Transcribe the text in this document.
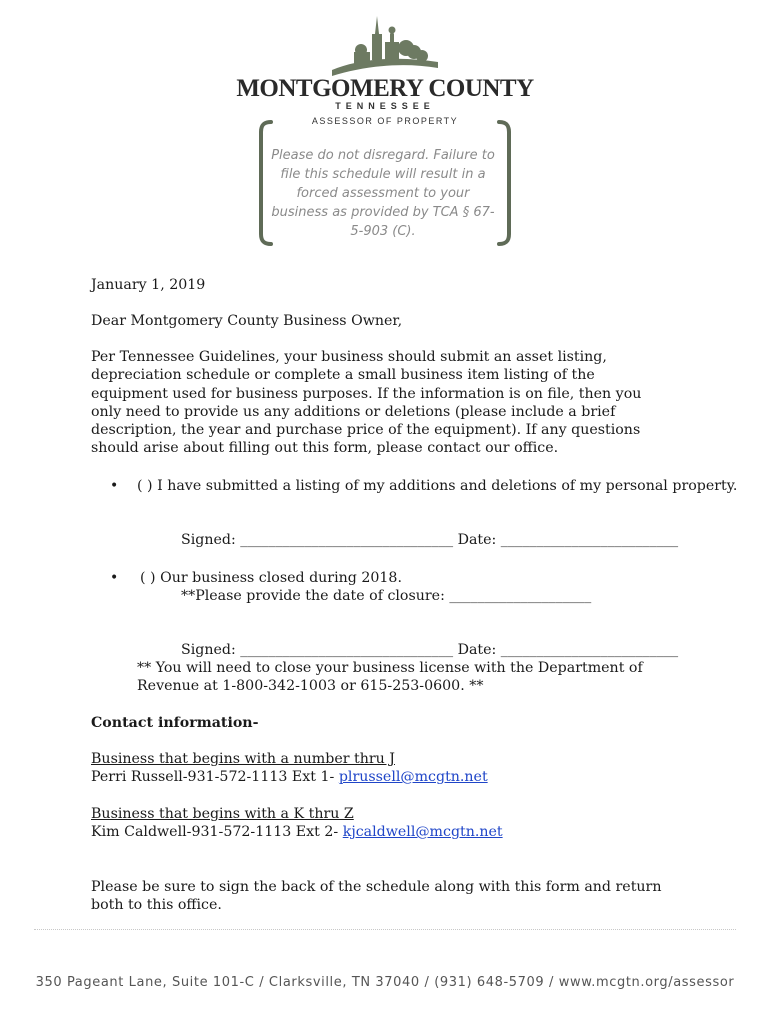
MONTGOMERY COUNTY
TENNESSEE
ASSESSOR OF PROPERTY
Please do not disregard. Failure to file this schedule will result in a forced assessment to your business as provided by TCA § 67-5-903 (C).
January 1, 2019
Dear Montgomery County Business Owner,
Per Tennessee Guidelines, your business should submit an asset listing, depreciation schedule or complete a small business item listing of the equipment used for business purposes. If the information is on file, then you only need to provide us any additions or deletions (please include a brief description, the year and purchase price of the equipment). If any questions should arise about filling out this form, please contact our office.
• ( ) I have submitted a listing of my additions and deletions of my personal property.
Signed: ______________________________ Date: _________________________
• ( ) Our business closed during 2018.
**Please provide the date of closure: ____________________
Signed: ______________________________ Date: _________________________
** You will need to close your business license with the Department of Revenue at 1-800-342-1003 or 615-253-0600. **
Contact information-
Business that begins with a number thru J
Perri Russell-931-572-1113 Ext 1- plrussell@mcgtn.net
Business that begins with a K thru Z
Kim Caldwell-931-572-1113 Ext 2- kjcaldwell@mcgtn.net
Please be sure to sign the back of the schedule along with this form and return both to this office.
350 Pageant Lane, Suite 101-C / Clarksville, TN 37040 / (931) 648-5709 / www.mcgtn.org/assessor
